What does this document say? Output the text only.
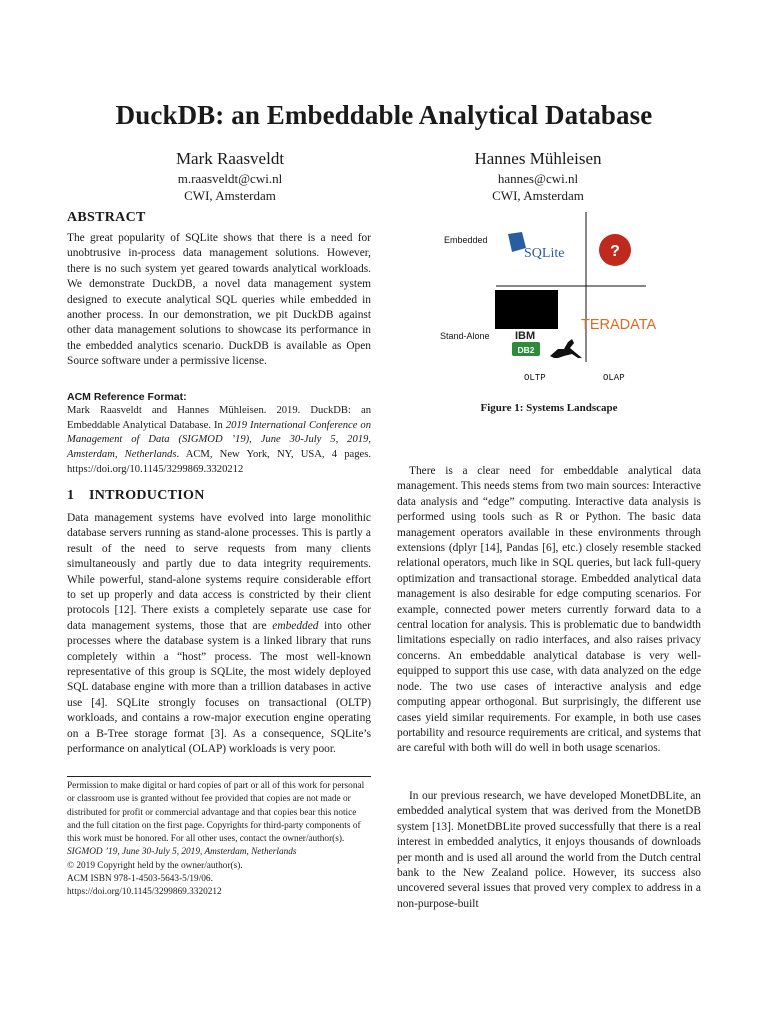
DuckDB: an Embeddable Analytical Database
Mark Raasveldt
m.raasveldt@cwi.nl
CWI, Amsterdam
Hannes Mühleisen
hannes@cwi.nl
CWI, Amsterdam
ABSTRACT

The great popularity of SQLite shows that there is a need for unobtrusive in-process data management solutions. However, there is no such system yet geared towards analytical workloads. We demonstrate DuckDB, a novel data management system designed to execute analytical SQL queries while embedded in another process. In our demonstration, we pit DuckDB against other data management solutions to showcase its performance in the embedded analytics scenario. DuckDB is available as Open Source software under a permissive license.

ACM Reference Format:

Mark Raasveldt and Hannes Mühleisen. 2019. DuckDB: an Embeddable Analytical Database. In 2019 International Conference on Management of Data (SIGMOD ’19), June 30-July 5, 2019, Amsterdam, Netherlands. ACM, New York, NY, USA, 4 pages. https://doi.org/10.1145/3299869.3320212

1 INTRODUCTION

Data management systems have evolved into large monolithic database servers running as stand-alone processes. This is partly a result of the need to serve requests from many clients simultaneously and partly due to data integrity requirements. While powerful, stand-alone systems require considerable effort to set up properly and data access is constricted by their client protocols [12]. There exists a completely separate use case for data management systems, those that are embedded into other processes where the database system is a linked library that runs completely within a “host” process. The most well-known representative of this group is SQLite, the most widely deployed SQL database engine with more than a trillion databases in active use [4]. SQLite strongly focuses on transactional (OLTP) workloads, and contains a row-major execution engine operating on a B-Tree storage format [3]. As a consequence, SQLite’s performance on analytical (OLAP) workloads is very poor.

Permission to make digital or hard copies of part or all of this work for personal or classroom use is granted without fee provided that copies are not made or distributed for profit or commercial advantage and that copies bear this notice and the full citation on the first page. Copyrights for third-party components of this work must be honored. For all other uses, contact the owner/author(s).
SIGMOD ’19, June 30-July 5, 2019, Amsterdam, Netherlands
© 2019 Copyright held by the owner/author(s).
ACM ISBN 978-1-4503-5643-5/19/06.
https://doi.org/10.1145/3299869.3320212
Embedded
Stand-Alone
OLTP	OLAP
SQLite	?
IBM
DB2
TERADATA
Figure 1: Systems Landscape

There is a clear need for embeddable analytical data management. This needs stems from two main sources: Interactive data analysis and “edge” computing. Interactive data analysis is performed using tools such as R or Python. The basic data management operators available in these environments through extensions (dplyr [14], Pandas [6], etc.) closely resemble stacked relational operators, much like in SQL queries, but lack full-query optimization and transactional storage. Embedded analytical data management is also desirable for edge computing scenarios. For example, connected power meters currently forward data to a central location for analysis. This is problematic due to bandwidth limitations especially on radio interfaces, and also raises privacy concerns. An embeddable analytical database is very well-equipped to support this use case, with data analyzed on the edge node. The two use cases of interactive analysis and edge computing appear orthogonal. But surprisingly, the different use cases yield similar requirements. For example, in both use cases portability and resource requirements are critical, and systems that are careful with both will do well in both usage scenarios.

In our previous research, we have developed MonetDBLite, an embedded analytical system that was derived from the MonetDB system [13]. MonetDBLite proved successfully that there is a real interest in embedded analytics, it enjoys thousands of downloads per month and is used all around the world from the Dutch central bank to the New Zealand police. However, its success also uncovered several issues that proved very complex to address in a non-purpose-built
